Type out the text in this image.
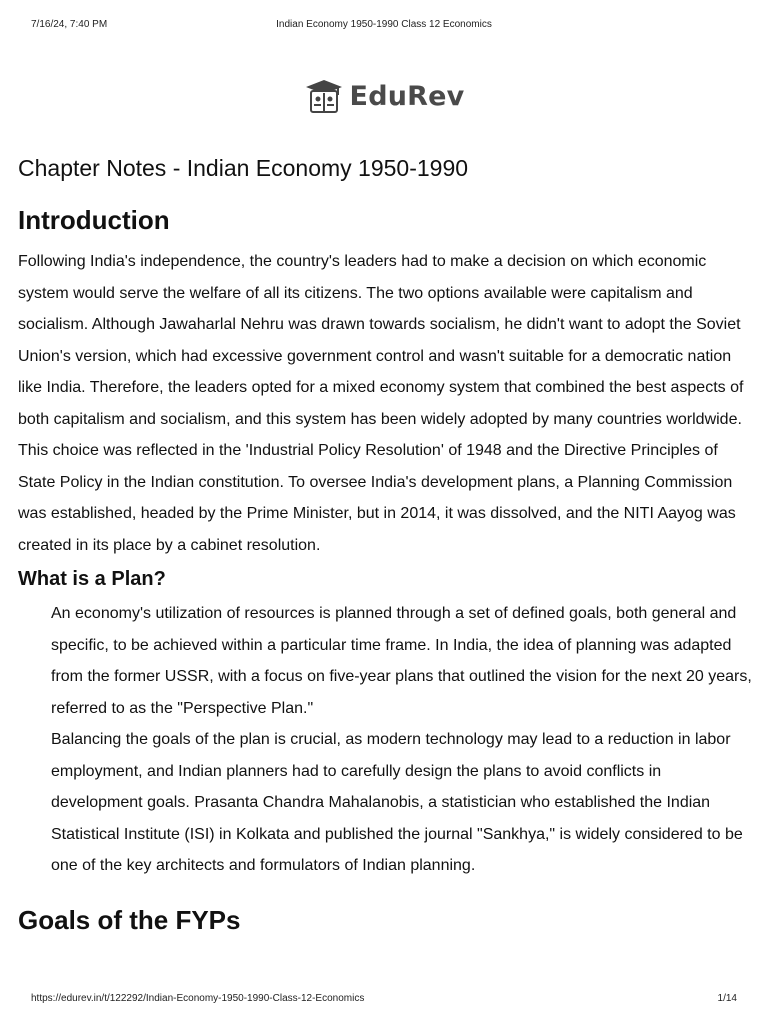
7/16/24, 7:40 PM	Indian Economy 1950-1990 Class 12 Economics
EduRev
Chapter Notes - Indian Economy 1950-1990
Introduction

Following India's independence, the country's leaders had to make a decision on which economic system would serve the welfare of all its citizens. The two options available were capitalism and socialism. Although Jawaharlal Nehru was drawn towards socialism, he didn't want to adopt the Soviet Union's version, which had excessive government control and wasn't suitable for a democratic nation like India. Therefore, the leaders opted for a mixed economy system that combined the best aspects of both capitalism and socialism, and this system has been widely adopted by many countries worldwide. This choice was reflected in the 'Industrial Policy Resolution' of 1948 and the Directive Principles of State Policy in the Indian constitution. To oversee India's development plans, a Planning Commission was established, headed by the Prime Minister, but in 2014, it was dissolved, and the NITI Aayog was created in its place by a cabinet resolution.

What is a Plan?

An economy's utilization of resources is planned through a set of defined goals, both general and specific, to be achieved within a particular time frame. In India, the idea of planning was adapted from the former USSR, with a focus on five-year plans that outlined the vision for the next 20 years, referred to as the "Perspective Plan."

Balancing the goals of the plan is crucial, as modern technology may lead to a reduction in labor employment, and Indian planners had to carefully design the plans to avoid conflicts in development goals. Prasanta Chandra Mahalanobis, a statistician who established the Indian Statistical Institute (ISI) in Kolkata and published the journal "Sankhya," is widely considered to be one of the key architects and formulators of Indian planning.

Goals of the FYPs
https://edurev.in/t/122292/Indian-Economy-1950-1990-Class-12-Economics	1/14
